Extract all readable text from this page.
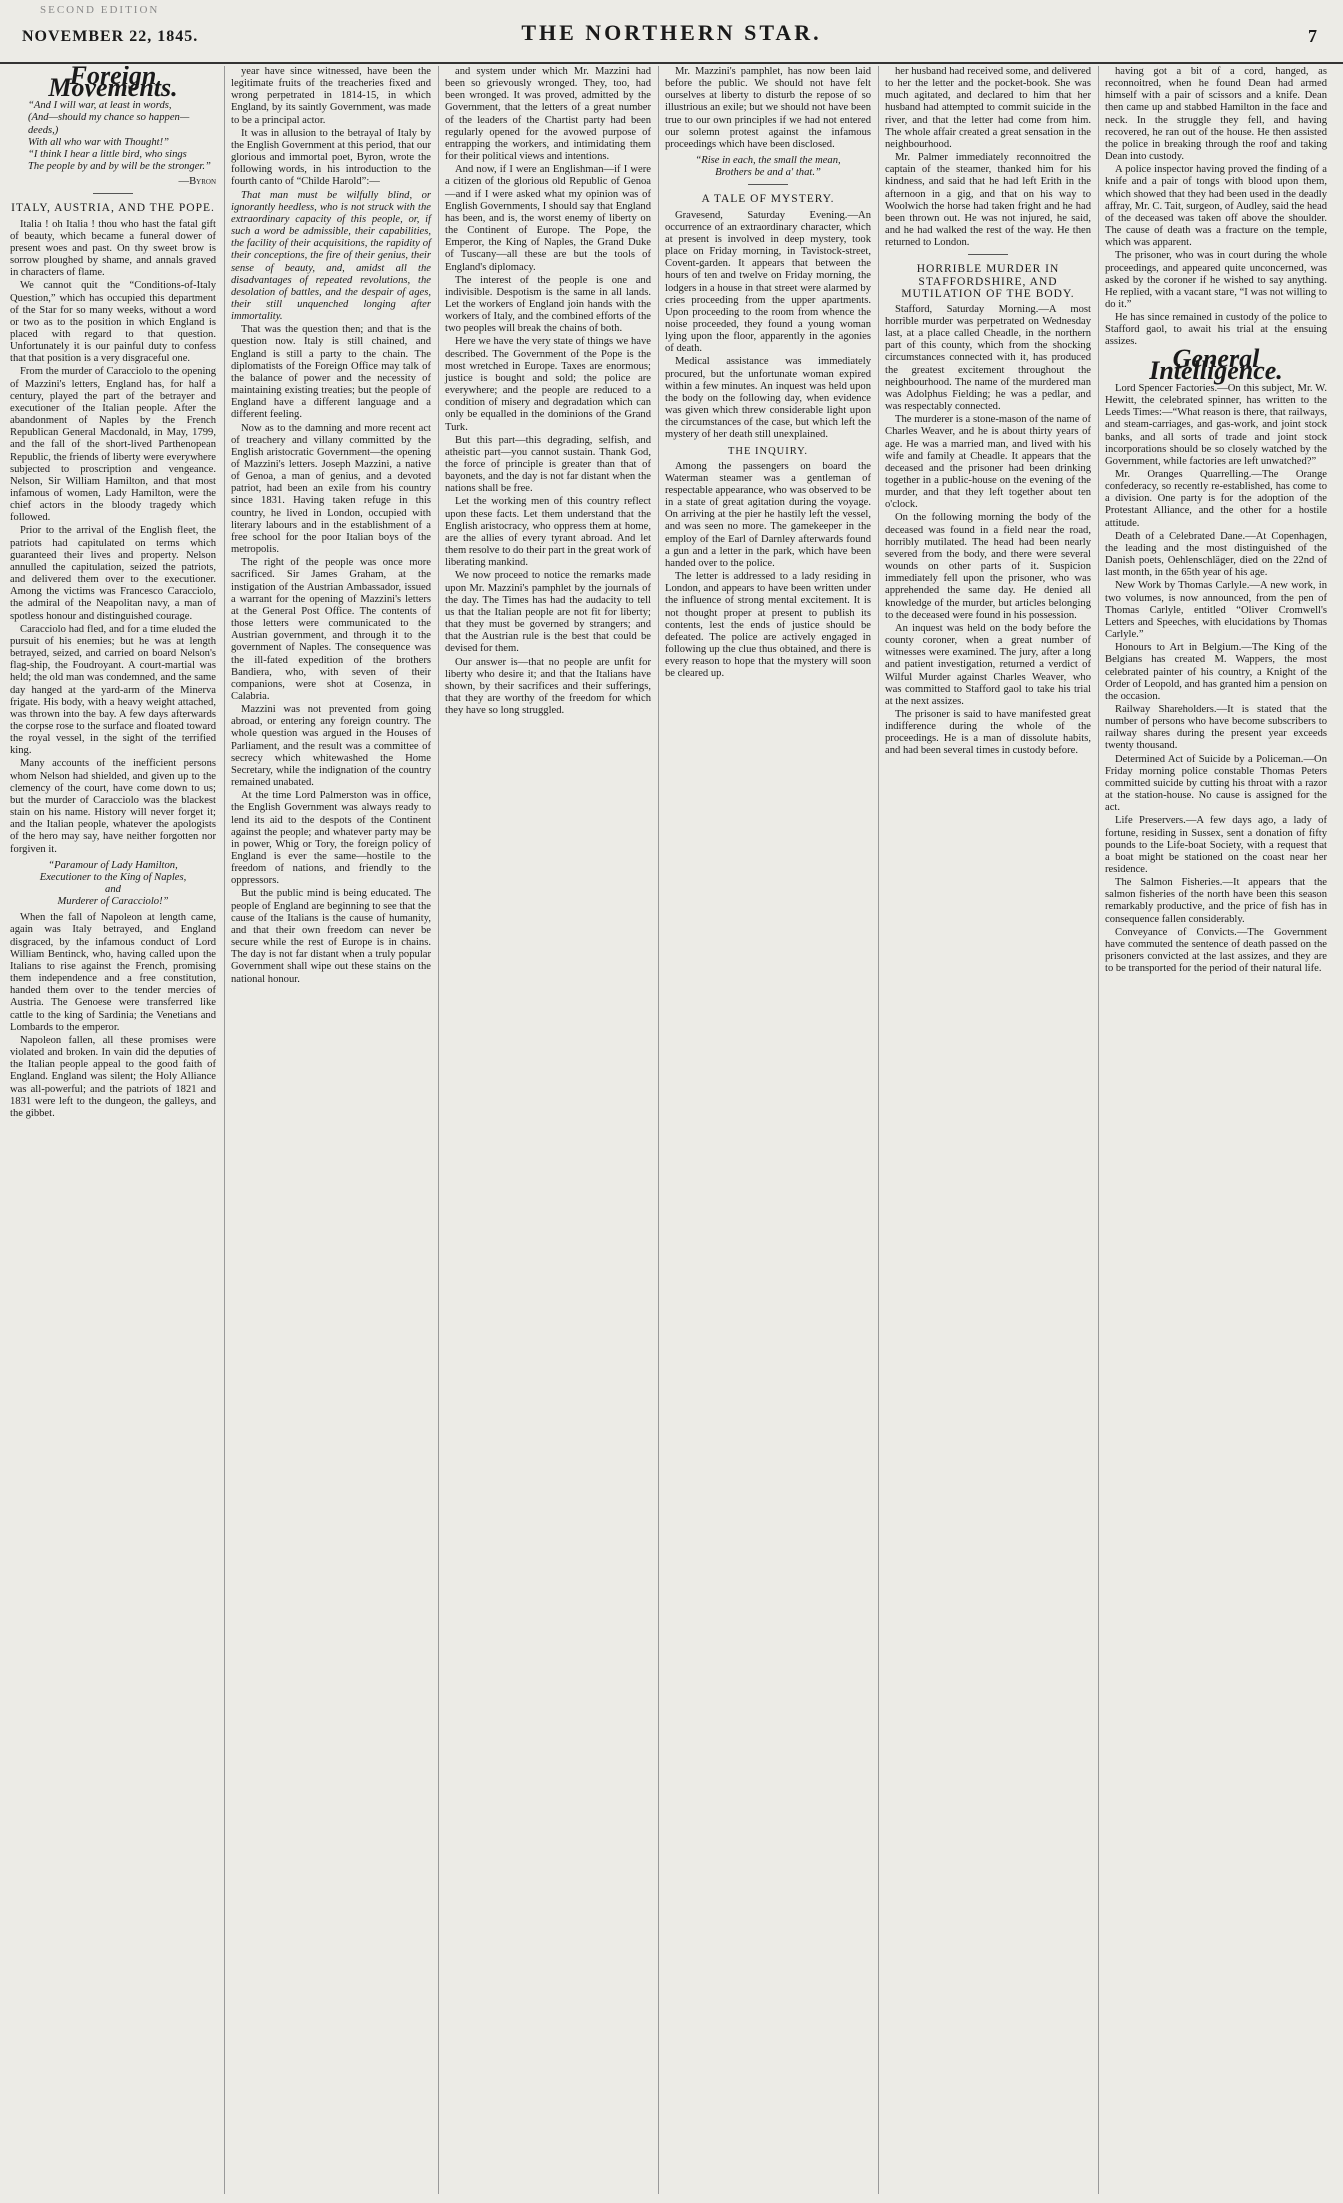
SECOND EDITION
NOVEMBER 22, 1845.	THE NORTHERN STAR.	7
Foreign Movements.
“And I will war, at least in words,
(And—should my chance so happen—deeds,)
With all who war with Thought!”
“I think I hear a little bird, who sings
The people by and by will be the stronger.”
—Byron
ITALY, AUSTRIA, AND THE POPE.

Italia ! oh Italia ! thou who hast the fatal gift of beauty, which became a funeral dower of present woes and past. On thy sweet brow is sorrow ploughed by shame, and annals graved in characters of flame.

We cannot quit the “Conditions-of-Italy Question,” which has occupied this department of the Star for so many weeks, without a word or two as to the position in which England is placed with regard to that question. Unfortunately it is our painful duty to confess that that position is a very disgraceful one.

From the murder of Caracciolo to the opening of Mazzini's letters, England has, for half a century, played the part of the betrayer and executioner of the Italian people. After the abandonment of Naples by the French Republican General Macdonald, in May, 1799, and the fall of the short-lived Parthenopean Republic, the friends of liberty were everywhere subjected to proscription and vengeance. Nelson, Sir William Hamilton, and that most infamous of women, Lady Hamilton, were the chief actors in the bloody tragedy which followed.

Prior to the arrival of the English fleet, the patriots had capitulated on terms which guaranteed their lives and property. Nelson annulled the capitulation, seized the patriots, and delivered them over to the executioner. Among the victims was Francesco Caracciolo, the admiral of the Neapolitan navy, a man of spotless honour and distinguished courage.

Caracciolo had fled, and for a time eluded the pursuit of his enemies; but he was at length betrayed, seized, and carried on board Nelson's flag-ship, the Foudroyant. A court-martial was held; the old man was condemned, and the same day hanged at the yard-arm of the Minerva frigate. His body, with a heavy weight attached, was thrown into the bay. A few days afterwards the corpse rose to the surface and floated toward the royal vessel, in the sight of the terrified king.

Many accounts of the inefficient persons whom Nelson had shielded, and given up to the clemency of the court, have come down to us; but the murder of Caracciolo was the blackest stain on his name. History will never forget it; and the Italian people, whatever the apologists of the hero may say, have neither forgotten nor forgiven it.

“Paramour of Lady Hamilton,
Executioner to the King of Naples,
and
Murderer of Caracciolo!”

When the fall of Napoleon at length came, again was Italy betrayed, and England disgraced, by the infamous conduct of Lord William Bentinck, who, having called upon the Italians to rise against the French, promising them independence and a free constitution, handed them over to the tender mercies of Austria. The Genoese were transferred like cattle to the king of Sardinia; the Venetians and Lombards to the emperor.

Napoleon fallen, all these promises were violated and broken. In vain did the deputies of the Italian people appeal to the good faith of England. England was silent; the Holy Alliance was all-powerful; and the patriots of 1821 and 1831 were left to the dungeon, the galleys, and the gibbet.

year have since witnessed, have been the legitimate fruits of the treacheries fixed and wrong perpetrated in 1814-15, in which England, by its saintly Government, was made to be a principal actor.

It was in allusion to the betrayal of Italy by the English Government at this period, that our glorious and immortal poet, Byron, wrote the following words, in his introduction to the fourth canto of “Childe Harold”:—

That man must be wilfully blind, or ignorantly heedless, who is not struck with the extraordinary capacity of this people, or, if such a word be admissible, their capabilities, the facility of their acquisitions, the rapidity of their conceptions, the fire of their genius, their sense of beauty, and, amidst all the disadvantages of repeated revolutions, the desolation of battles, and the despair of ages, their still unquenched longing after immortality.

That was the question then; and that is the question now. Italy is still chained, and England is still a party to the chain. The diplomatists of the Foreign Office may talk of the balance of power and the necessity of maintaining existing treaties; but the people of England have a different language and a different feeling.

Now as to the damning and more recent act of treachery and villany committed by the English aristocratic Government—the opening of Mazzini's letters. Joseph Mazzini, a native of Genoa, a man of genius, and a devoted patriot, had been an exile from his country since 1831. Having taken refuge in this country, he lived in London, occupied with literary labours and in the establishment of a free school for the poor Italian boys of the metropolis.

The right of the people was once more sacrificed. Sir James Graham, at the instigation of the Austrian Ambassador, issued a warrant for the opening of Mazzini's letters at the General Post Office. The contents of those letters were communicated to the Austrian government, and through it to the government of Naples. The consequence was the ill-fated expedition of the brothers Bandiera, who, with seven of their companions, were shot at Cosenza, in Calabria.

Mazzini was not prevented from going abroad, or entering any foreign country. The whole question was argued in the Houses of Parliament, and the result was a committee of secrecy which whitewashed the Home Secretary, while the indignation of the country remained unabated.

At the time Lord Palmerston was in office, the English Government was always ready to lend its aid to the despots of the Continent against the people; and whatever party may be in power, Whig or Tory, the foreign policy of England is ever the same—hostile to the freedom of nations, and friendly to the oppressors.

But the public mind is being educated. The people of England are beginning to see that the cause of the Italians is the cause of humanity, and that their own freedom can never be secure while the rest of Europe is in chains. The day is not far distant when a truly popular Government shall wipe out these stains on the national honour.

and system under which Mr. Mazzini had been so grievously wronged. They, too, had been wronged. It was proved, admitted by the Government, that the letters of a great number of the leaders of the Chartist party had been regularly opened for the avowed purpose of entrapping the workers, and intimidating them for their political views and intentions.

And now, if I were an Englishman—if I were a citizen of the glorious old Republic of Genoa—and if I were asked what my opinion was of English Governments, I should say that England has been, and is, the worst enemy of liberty on the Continent of Europe. The Pope, the Emperor, the King of Naples, the Grand Duke of Tuscany—all these are but the tools of England's diplomacy.

The interest of the people is one and indivisible. Despotism is the same in all lands. Let the workers of England join hands with the workers of Italy, and the combined efforts of the two peoples will break the chains of both.

Here we have the very state of things we have described. The Government of the Pope is the most wretched in Europe. Taxes are enormous; justice is bought and sold; the police are everywhere; and the people are reduced to a condition of misery and degradation which can only be equalled in the dominions of the Grand Turk.

But this part—this degrading, selfish, and atheistic part—you cannot sustain. Thank God, the force of principle is greater than that of bayonets, and the day is not far distant when the nations shall be free.

Let the working men of this country reflect upon these facts. Let them understand that the English aristocracy, who oppress them at home, are the allies of every tyrant abroad. And let them resolve to do their part in the great work of liberating mankind.

We now proceed to notice the remarks made upon Mr. Mazzini's pamphlet by the journals of the day. The Times has had the audacity to tell us that the Italian people are not fit for liberty; that they must be governed by strangers; and that the Austrian rule is the best that could be devised for them.

Our answer is—that no people are unfit for liberty who desire it; and that the Italians have shown, by their sacrifices and their sufferings, that they are worthy of the freedom for which they have so long struggled.

Mr. Mazzini's pamphlet, has now been laid before the public. We should not have felt ourselves at liberty to disturb the repose of so illustrious an exile; but we should not have been true to our own principles if we had not entered our solemn protest against the infamous proceedings which have been disclosed.

“Rise in each, the small the mean,
Brothers be and a' that.”
A TALE OF MYSTERY.

Gravesend, Saturday Evening.—An occurrence of an extraordinary character, which at present is involved in deep mystery, took place on Friday morning, in Tavistock-street, Covent-garden. It appears that between the hours of ten and twelve on Friday morning, the lodgers in a house in that street were alarmed by cries proceeding from the upper apartments. Upon proceeding to the room from whence the noise proceeded, they found a young woman lying upon the floor, apparently in the agonies of death.

Medical assistance was immediately procured, but the unfortunate woman expired within a few minutes. An inquest was held upon the body on the following day, when evidence was given which threw considerable light upon the circumstances of the case, but which left the mystery of her death still unexplained.

THE INQUIRY.

Among the passengers on board the Waterman steamer was a gentleman of respectable appearance, who was observed to be in a state of great agitation during the voyage. On arriving at the pier he hastily left the vessel, and was seen no more. The gamekeeper in the employ of the Earl of Darnley afterwards found a gun and a letter in the park, which have been handed over to the police.

The letter is addressed to a lady residing in London, and appears to have been written under the influence of strong mental excitement. It is not thought proper at present to publish its contents, lest the ends of justice should be defeated. The police are actively engaged in following up the clue thus obtained, and there is every reason to hope that the mystery will soon be cleared up.

her husband had received some, and delivered to her the letter and the pocket-book. She was much agitated, and declared to him that her husband had attempted to commit suicide in the river, and that the letter had come from him. The whole affair created a great sensation in the neighbourhood.

Mr. Palmer immediately reconnoitred the captain of the steamer, thanked him for his kindness, and said that he had left Erith in the afternoon in a gig, and that on his way to Woolwich the horse had taken fright and he had been thrown out. He was not injured, he said, and he had walked the rest of the way. He then returned to London.

HORRIBLE MURDER IN STAFFORDSHIRE, AND MUTILATION OF THE BODY.

Stafford, Saturday Morning.—A most horrible murder was perpetrated on Wednesday last, at a place called Cheadle, in the northern part of this county, which from the shocking circumstances connected with it, has produced the greatest excitement throughout the neighbourhood. The name of the murdered man was Adolphus Fielding; he was a pedlar, and was respectably connected.

The murderer is a stone-mason of the name of Charles Weaver, and he is about thirty years of age. He was a married man, and lived with his wife and family at Cheadle. It appears that the deceased and the prisoner had been drinking together in a public-house on the evening of the murder, and that they left together about ten o'clock.

On the following morning the body of the deceased was found in a field near the road, horribly mutilated. The head had been nearly severed from the body, and there were several wounds on other parts of it. Suspicion immediately fell upon the prisoner, who was apprehended the same day. He denied all knowledge of the murder, but articles belonging to the deceased were found in his possession.

An inquest was held on the body before the county coroner, when a great number of witnesses were examined. The jury, after a long and patient investigation, returned a verdict of Wilful Murder against Charles Weaver, who was committed to Stafford gaol to take his trial at the next assizes.

The prisoner is said to have manifested great indifference during the whole of the proceedings. He is a man of dissolute habits, and had been several times in custody before.

having got a bit of a cord, hanged, as reconnoitred, when he found Dean had armed himself with a pair of scissors and a knife. Dean then came up and stabbed Hamilton in the face and neck. In the struggle they fell, and having recovered, he ran out of the house. He then assisted the police in breaking through the roof and taking Dean into custody.

A police inspector having proved the finding of a knife and a pair of tongs with blood upon them, which showed that they had been used in the deadly affray, Mr. C. Tait, surgeon, of Audley, said the head of the deceased was taken off above the shoulder. The cause of death was a fracture on the temple, which was apparent.

The prisoner, who was in court during the whole proceedings, and appeared quite unconcerned, was asked by the coroner if he wished to say anything. He replied, with a vacant stare, “I was not willing to do it.”

He has since remained in custody of the police to Stafford gaol, to await his trial at the ensuing assizes.

General Intelligence.

Lord Spencer Factories.—On this subject, Mr. W. Hewitt, the celebrated spinner, has written to the Leeds Times:—“What reason is there, that railways, and steam-carriages, and gas-work, and joint stock banks, and all sorts of trade and joint stock incorporations should be so closely watched by the Government, while factories are left unwatched?”

Mr. Oranges Quarrelling.—The Orange confederacy, so recently re-established, has come to a division. One party is for the adoption of the Protestant Alliance, and the other for a hostile attitude.

Death of a Celebrated Dane.—At Copenhagen, the leading and the most distinguished of the Danish poets, Oehlenschläger, died on the 22nd of last month, in the 65th year of his age.

New Work by Thomas Carlyle.—A new work, in two volumes, is now announced, from the pen of Thomas Carlyle, entitled “Oliver Cromwell's Letters and Speeches, with elucidations by Thomas Carlyle.”

Honours to Art in Belgium.—The King of the Belgians has created M. Wappers, the most celebrated painter of his country, a Knight of the Order of Leopold, and has granted him a pension on the occasion.

Railway Shareholders.—It is stated that the number of persons who have become subscribers to railway shares during the present year exceeds twenty thousand.

Determined Act of Suicide by a Policeman.—On Friday morning police constable Thomas Peters committed suicide by cutting his throat with a razor at the station-house. No cause is assigned for the act.

Life Preservers.—A few days ago, a lady of fortune, residing in Sussex, sent a donation of fifty pounds to the Life-boat Society, with a request that a boat might be stationed on the coast near her residence.

The Salmon Fisheries.—It appears that the salmon fisheries of the north have been this season remarkably productive, and the price of fish has in consequence fallen considerably.

Conveyance of Convicts.—The Government have commuted the sentence of death passed on the prisoners convicted at the last assizes, and they are to be transported for the period of their natural life.
